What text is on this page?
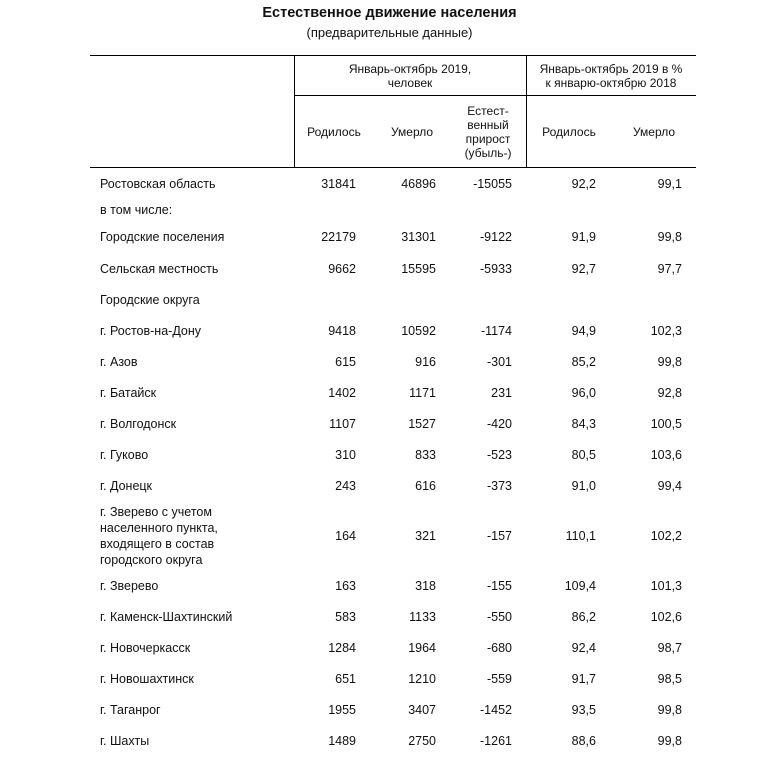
Естественное движение населения
(предварительные данные)
Январь-октябрь 2019,
человек
Январь-октябрь 2019 в %
к январю-октябрю 2018
Родилось	Умерло
Естест-
венный
прирост
(убыль-)
Родилось	Умерло
Ростовская область	31841	46896	-15055	92,2	99,1
в том числе:
Городские поселения	22179	31301	-9122	91,9	99,8
Сельская местность	9662	15595	-5933	92,7	97,7
Городские округа
г. Ростов-на-Дону	9418	10592	-1174	94,9	102,3
г. Азов	615	916	-301	85,2	99,8
г. Батайск	1402	1171	231	96,0	92,8
г. Волгодонск	1107	1527	-420	84,3	100,5
г. Гуково	310	833	-523	80,5	103,6
г. Донецк	243	616	-373	91,0	99,4
г. Зверево с учетом
населенного пункта,
входящего в состав
городского округа
164	321	-157	110,1	102,2
г. Зверево	163	318	-155	109,4	101,3
г. Каменск-Шахтинский	583	1133	-550	86,2	102,6
г. Новочеркасск	1284	1964	-680	92,4	98,7
г. Новошахтинск	651	1210	-559	91,7	98,5
г. Таганрог	1955	3407	-1452	93,5	99,8
г. Шахты	1489	2750	-1261	88,6	99,8
